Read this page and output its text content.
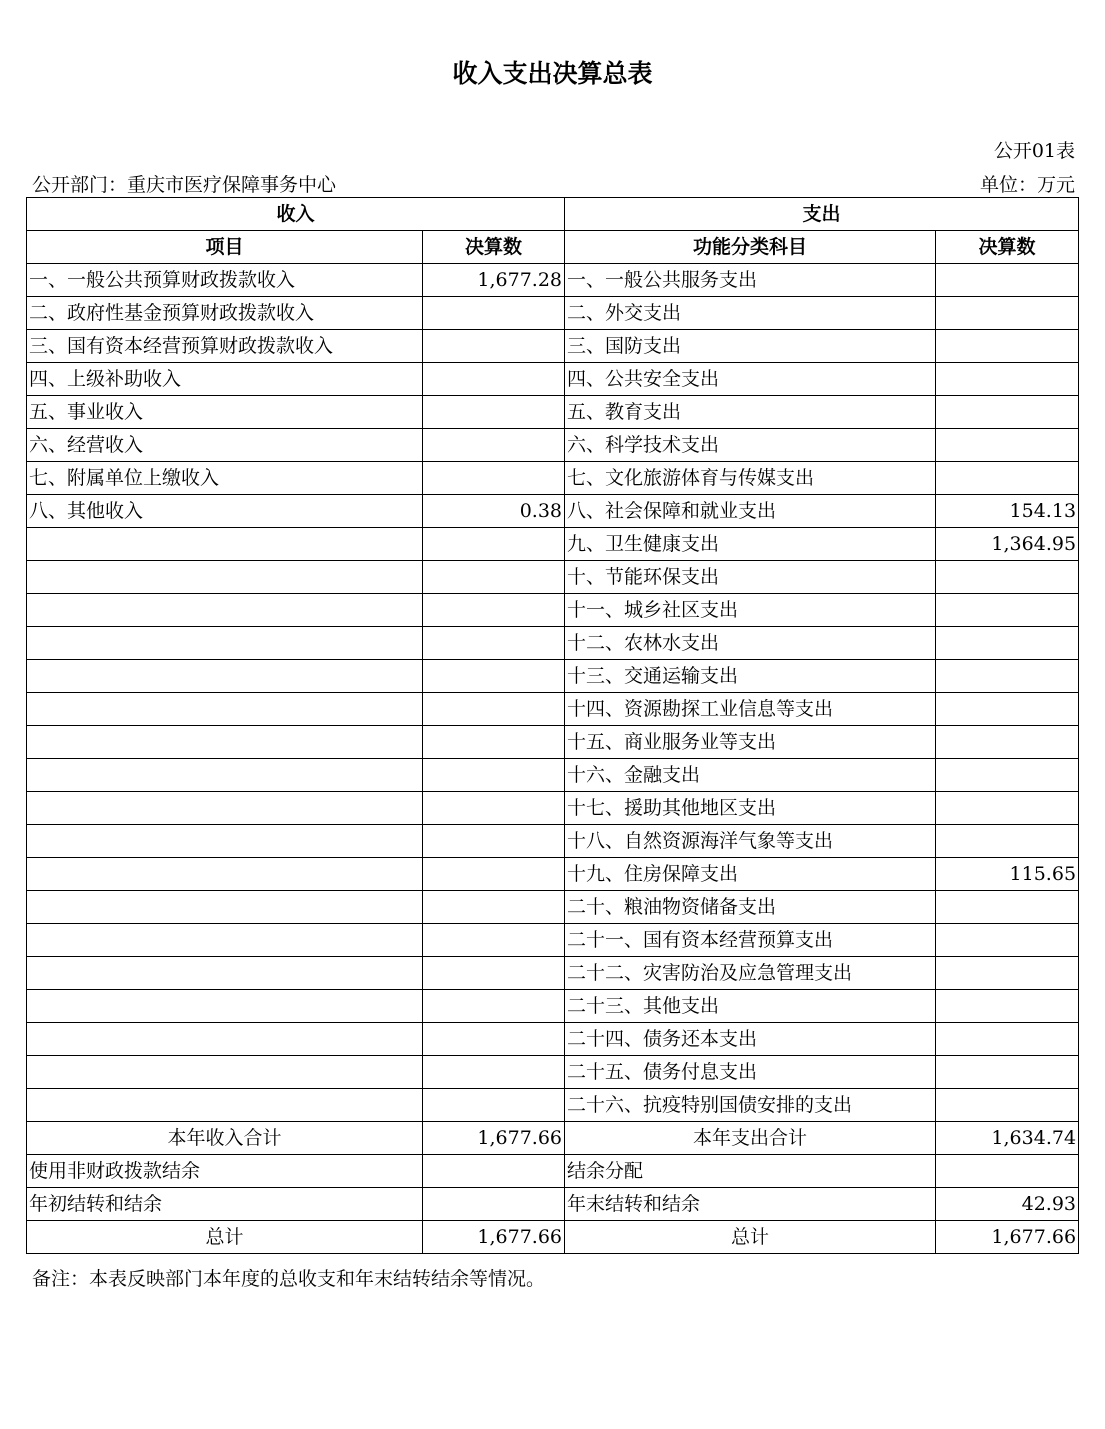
收入支出决算总表
公开01表
公开部门：重庆市医疗保障事务中心	单位：万元
收入		支出	
项目	决算数	功能分类科目	决算数
一、一般公共预算财政拨款收入	1,677.28	一、一般公共服务支出	
二、政府性基金预算财政拨款收入		二、外交支出	
三、国有资本经营预算财政拨款收入		三、国防支出	
四、上级补助收入		四、公共安全支出	
五、事业收入		五、教育支出	
六、经营收入		六、科学技术支出	
七、附属单位上缴收入		七、文化旅游体育与传媒支出	
八、其他收入	0.38	八、社会保障和就业支出	154.13
		九、卫生健康支出	1,364.95
		十、节能环保支出	
		十一、城乡社区支出	
		十二、农林水支出	
		十三、交通运输支出	
		十四、资源勘探工业信息等支出	
		十五、商业服务业等支出	
		十六、金融支出	
		十七、援助其他地区支出	
		十八、自然资源海洋气象等支出	
		十九、住房保障支出	115.65
		二十、粮油物资储备支出	
		二十一、国有资本经营预算支出	
		二十二、灾害防治及应急管理支出	
		二十三、其他支出	
		二十四、债务还本支出	
		二十五、债务付息支出	
		二十六、抗疫特别国债安排的支出	
本年收入合计	1,677.66	本年支出合计	1,634.74
使用非财政拨款结余		结余分配	
年初结转和结余		年末结转和结余	42.93
总计	1,677.66	总计	1,677.66
备注：本表反映部门本年度的总收支和年末结转结余等情况。
